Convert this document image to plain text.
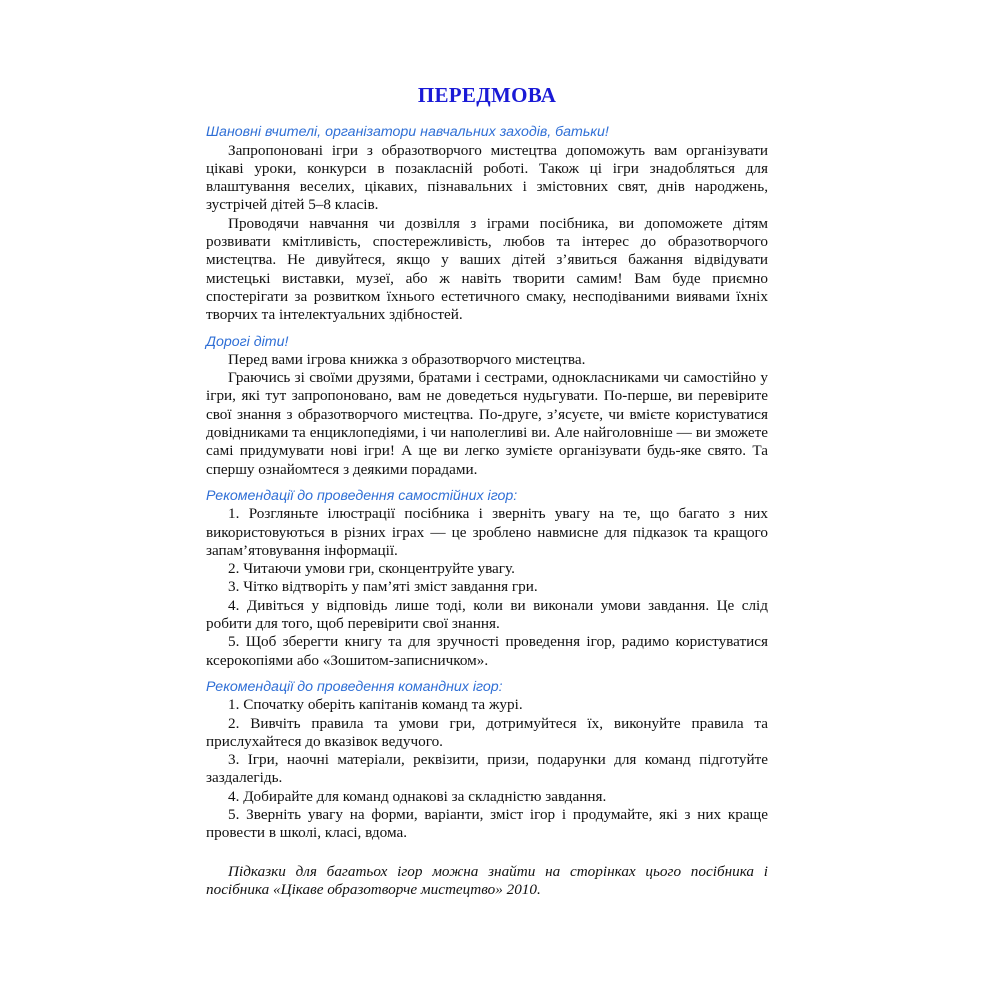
ПЕРЕДМОВА

Шановні вчителі, організатори навчальних заходів, батьки!

Запропоновані ігри з образотворчого мистецтва допоможуть вам організувати цікаві уроки, конкурси в позакласній роботі. Також ці ігри знадобляться для влаштування веселих, цікавих, пізнавальних і змістовних свят, днів народжень, зустрічей дітей 5–8 класів.

Проводячи навчання чи дозвілля з іграми посібника, ви допоможете дітям розвивати кмітливість, спостережливість, любов та інтерес до образотворчого мистецтва. Не дивуйтеся, якщо у ваших дітей з’явиться бажання відвідувати мистецькі виставки, музеї, або ж навіть творити самим! Вам буде приємно спостерігати за розвитком їхнього естетичного смаку, несподіваними виявами їхніх творчих та інтелектуальних здібностей.

Дорогі діти!

Перед вами ігрова книжка з образотворчого мистецтва.

Граючись зі своїми друзями, братами і сестрами, однокласниками чи самостійно у ігри, які тут запропоновано, вам не доведеться нудьгувати. По-перше, ви перевірите свої знання з образотворчого мистецтва. По-друге, з’ясуєте, чи вмієте користуватися довідниками та енциклопедіями, і чи наполегливі ви. Але найголовніше — ви зможете самі придумувати нові ігри! А ще ви легко зумієте організувати будь-яке свято. Та спершу ознайомтеся з деякими порадами.

Рекомендації до проведення самостійних ігор:

1. Розгляньте ілюстрації посібника і зверніть увагу на те, що багато з них використовуються в різних іграх — це зроблено навмисне для підказок та кращого запам’ятовування інформації.

2. Читаючи умови гри, сконцентруйте увагу.

3. Чітко відтворіть у пам’яті зміст завдання гри.

4. Дивіться у відповідь лише тоді, коли ви виконали умови завдання. Це слід робити для того, щоб перевірити свої знання.

5. Щоб зберегти книгу та для зручності проведення ігор, радимо користуватися ксерокопіями або «Зошитом-записничком».

Рекомендації до проведення командних ігор:

1. Спочатку оберіть капітанів команд та журі.

2. Вивчіть правила та умови гри, дотримуйтеся їх, виконуйте правила та прислухайтеся до вказівок ведучого.

3. Ігри, наочні матеріали, реквізити, призи, подарунки для команд підготуйте заздалегідь.

4. Добирайте для команд однакові за складністю завдання.

5. Зверніть увагу на форми, варіанти, зміст ігор і продумайте, які з них краще провести в школі, класі, вдома.

Підказки для багатьох ігор можна знайти на сторінках цього посібника і посібника «Цікаве образотворче мистецтво» 2010.
